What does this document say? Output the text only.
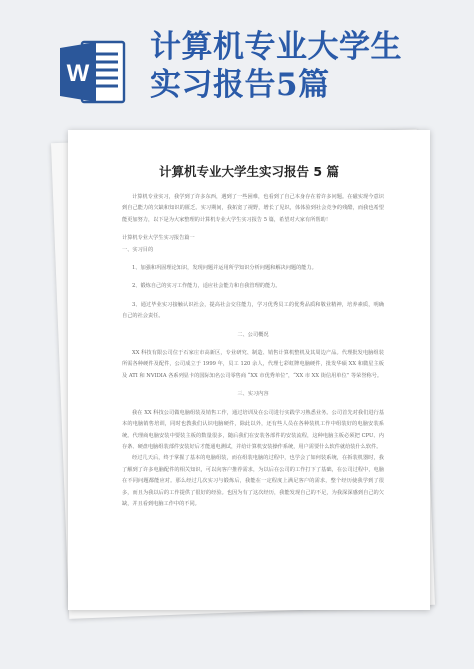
W
计算机专业大学生
实习报告5篇
计算机专业大学生实习报告 5 篇

计算机专业实习，我学到了许多东西，遇到了一些困难，也看到了自己本身存在着许多问题。在磁实现今意识到自己能力的欠缺和知识的匮乏。实习期间，我拓宽了视野，增长了见识，体体验到社会竞争的残酷，而我也希望能更加努力，以下是为大家整理的计算机专业大学生实习报告 5 篇，希望对大家有所帮助！

计算机专业大学生实习报告篇一

一、实习目的

1、加强和巩固理论知识，发现问题并运用所学知识分析问题和解决问题的能力。

2、锻炼自己的实习工作能力，适应社会能力和自我管理的能力。

3、通过毕业实习接触认识社会，提高社会交往能力，学习优秀员工的优秀品质和敬业精神，培养素质，明确自己的社会责任。

二、公司概况

XX 科技有限公司位于石家庄市高新区，专业研究、制造、销售计算机整机及其周边产品。代理批发电脑组装所需各种硬件及配件，公司成立于 1999 年，员工 120 余人，代理七彩虹牌电脑硬件，批发华硕 XX 和微星主板及 ATI 和 NVIDIA 各系列显卡的国际知名公司零售商 “XX 市优秀单位”，“XX 市 XX 街信用单位” 等荣誉称号。

三、实习内容

我在 XX 科技公司做电脑组装及销售工作，通过培训及在公司进行实践学习熟悉业务。公司首先对我们进行基本的电脑销售培训，同时也教我们认识电脑硬件，除此以外，还有些人员在各种装机工作中组装好的电脑安装系统。代理商电脑安装中要装主板的数量很多，随后我们在安装各部件的安装流程，这种电脑主板必须把 CPU、内存条、硬盘电脑组装部件安装好后才能通电测试，并给计算机安装操作系统，用户需要什么软件就给装什么软件。

经过几天后，终于掌握了基本的电脑组装，而在组装电脑的过程中，也学会了如何装系统，在拆装机器时，我了解到了许多电脑配件的相关知识，可以向客户推荐需求，为以后在公司的工作打下了基础，在公司过程中，电脑在不同问题都能应对。那么经过几次实习与锻炼后，我能在一定程度上满足客户的需求，整个经历使我学到了很多，而且为我以后的工作提供了很好的经验。也因为有了这次经历，我能发现自己的不足，为我深深感到自己的欠缺，并且看到电脑工作中的不同。
